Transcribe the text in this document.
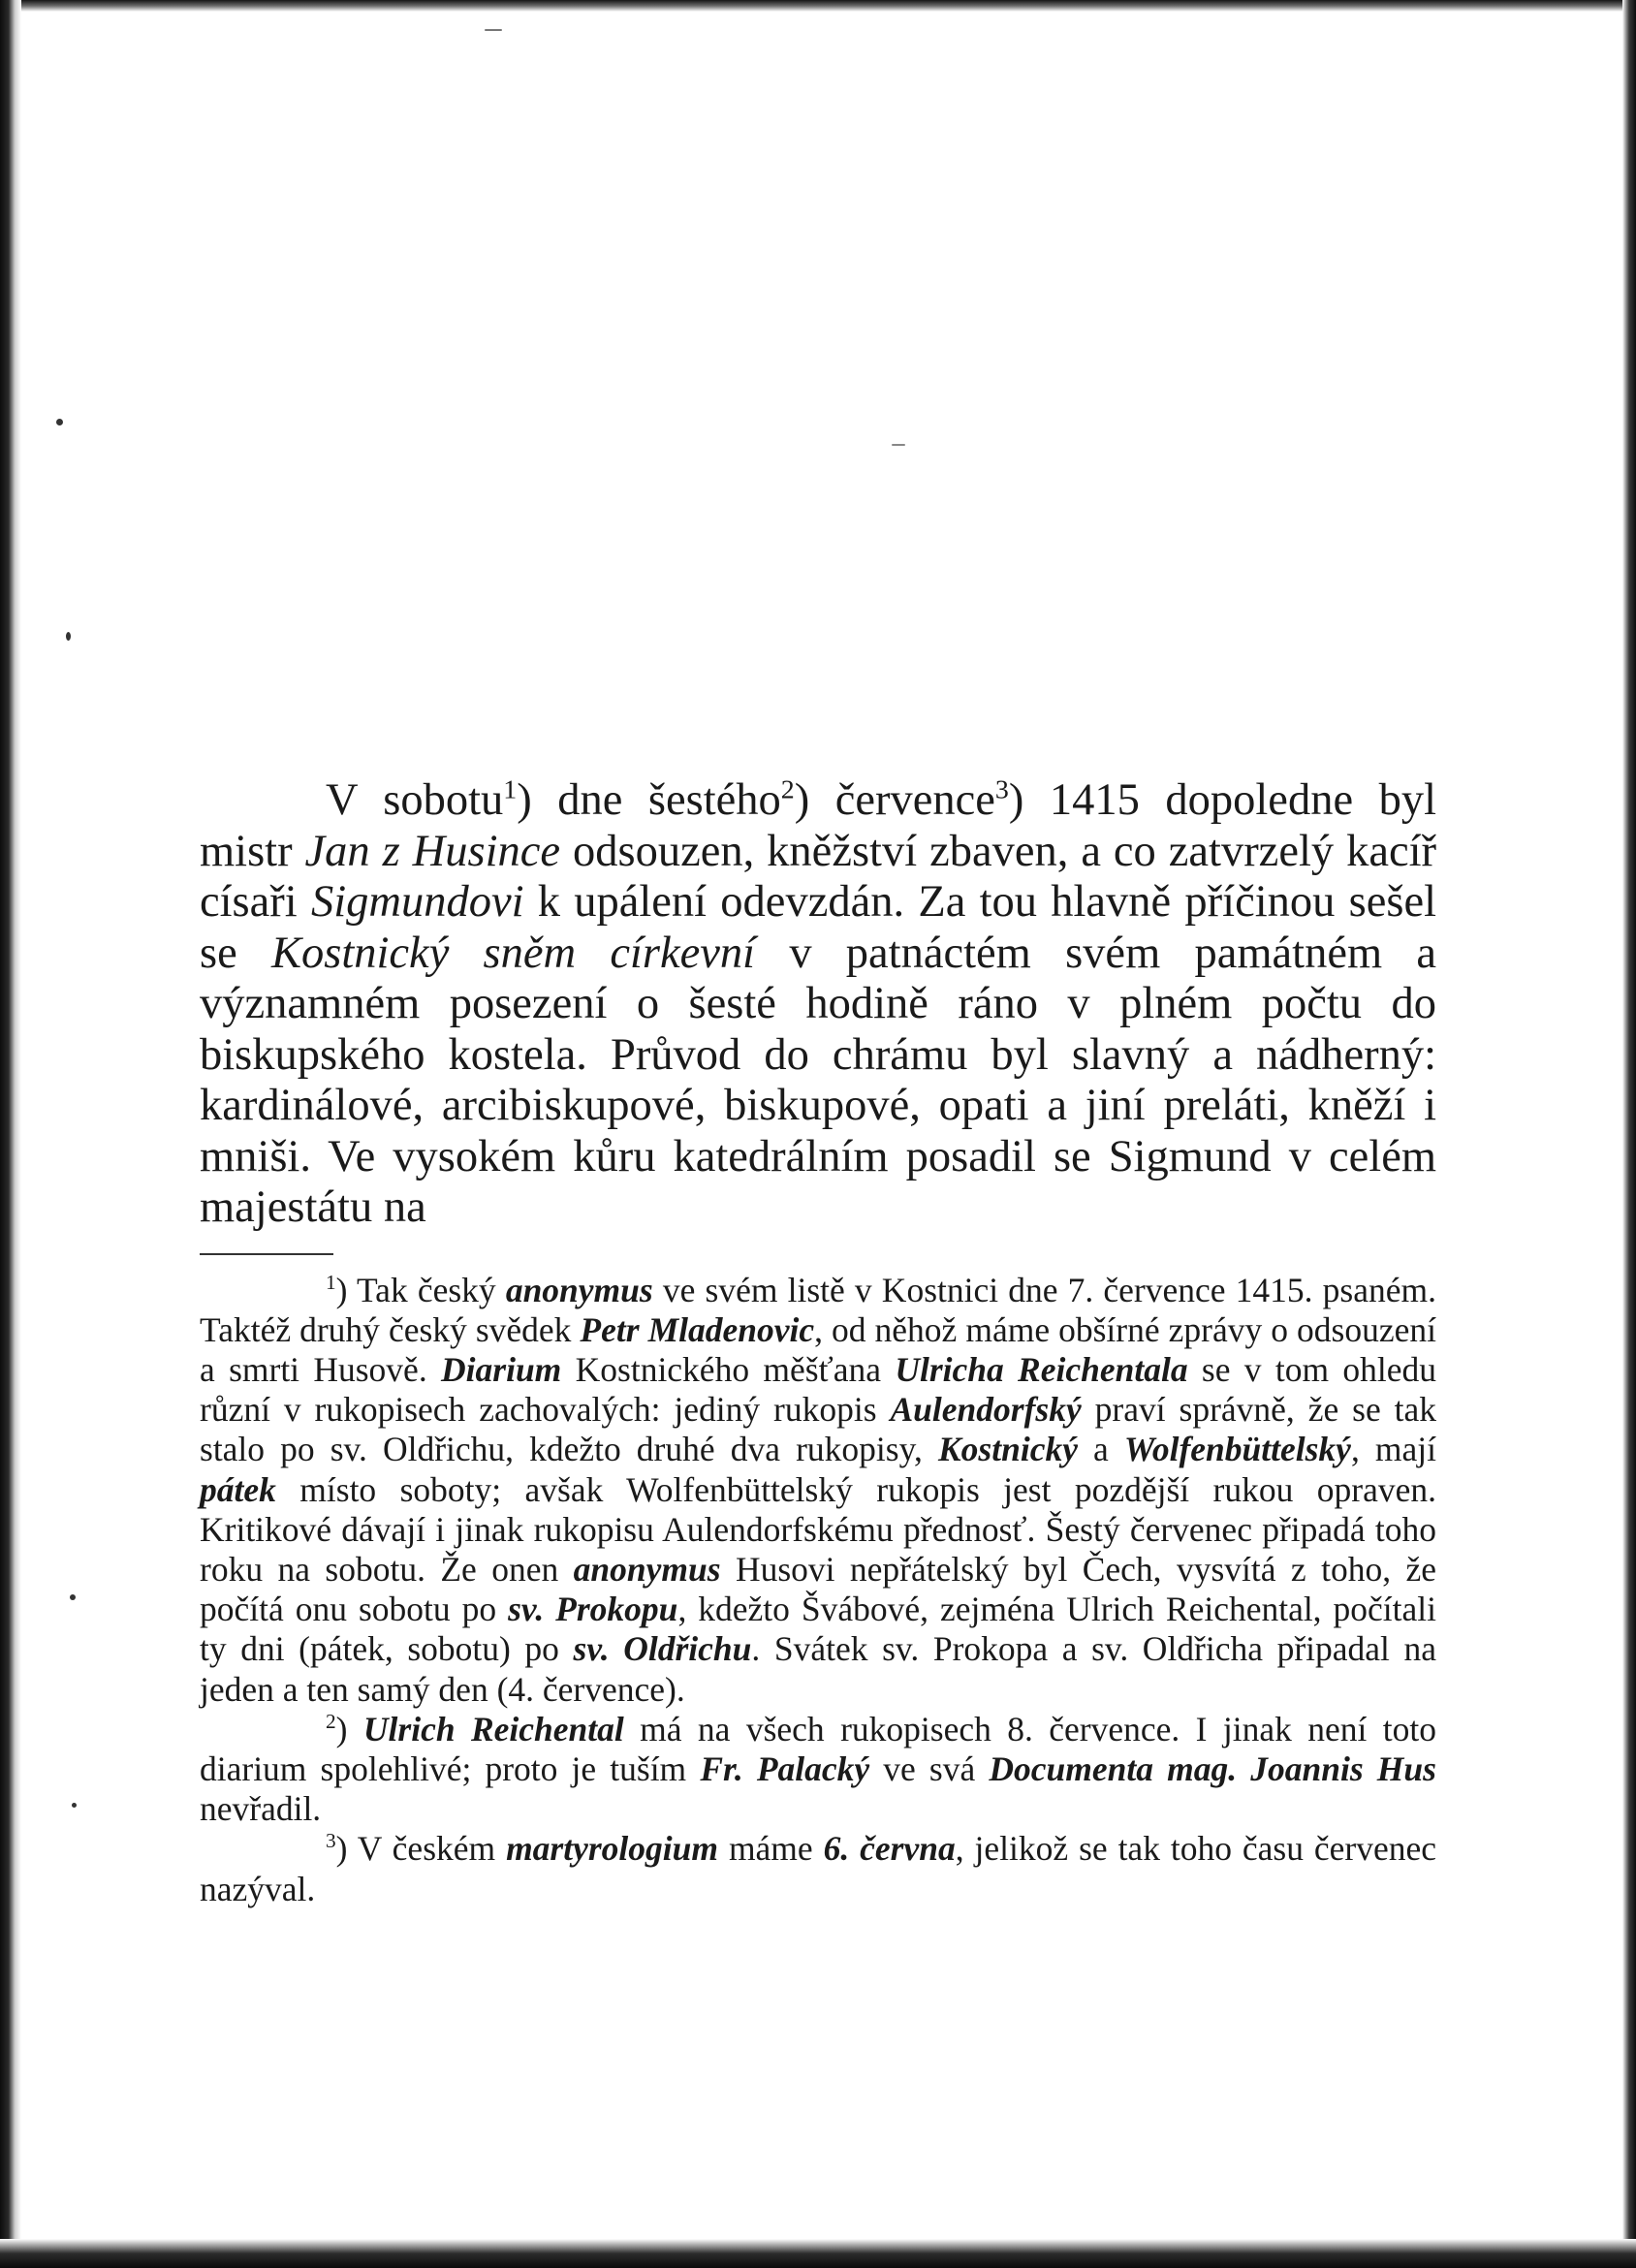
V sobotu$^1$) dne šestého$^2$) července$^3$) 1415 dopoledne byl mistr Jan z Husince odsouzen, kněžství zbaven, a co zatvrzelý kacíř císaři Sigmundovi k upálení odevzdán. Za tou hlavně příčinou sešel se Kostnický sněm církevní v patnáctém svém památném a významném posezení o šesté hodině ráno v plném počtu do biskupského kostela. Průvod do chrámu byl slavný a nádherný: kardinálové, arcibiskupové, biskupové, opati a jiní preláti, kněží i mniši. Ve vysokém kůru katedrálním posadil se Sigmund v celém majestátu na

$^1$) Tak český anonymus ve svém listě v Kostnici dne 7. července 1415. psaném. Taktéž druhý český svědek Petr Mladenovic, od něhož máme obšírné zprávy o odsouzení a smrti Husově. Diarium Kostnického měšťana Ulricha Reichentala se v tom ohledu různí v rukopisech zachovalých: jediný rukopis Aulendorfský praví správně, že se tak stalo po sv. Oldřichu, kdežto druhé dva rukopisy, Kostnický a Wolfenbüttelský, mají pátek místo soboty; avšak Wolfenbüttelský rukopis jest pozdější rukou opraven. Kritikové dávají i jinak rukopisu Aulendorfskému přednosť. Šestý červenec připadá toho roku na sobotu. Že onen anonymus Husovi nepřátelský byl Čech, vysvítá z toho, že počítá onu sobotu po sv. Prokopu, kdežto Švábové, zejména Ulrich Reichental, počítali ty dni (pátek, sobotu) po sv. Oldřichu. Svátek sv. Prokopa a sv. Oldřicha připadal na jeden a ten samý den (4. července).

$^2$) Ulrich Reichental má na všech rukopisech 8. července. I jinak není toto diarium spolehlivé; proto je tuším Fr. Palacký ve svá Documenta mag. Joannis Hus nevřadil.

$^3$) V českém martyrologium máme 6. června, jelikož se tak toho času červenec nazýval.
